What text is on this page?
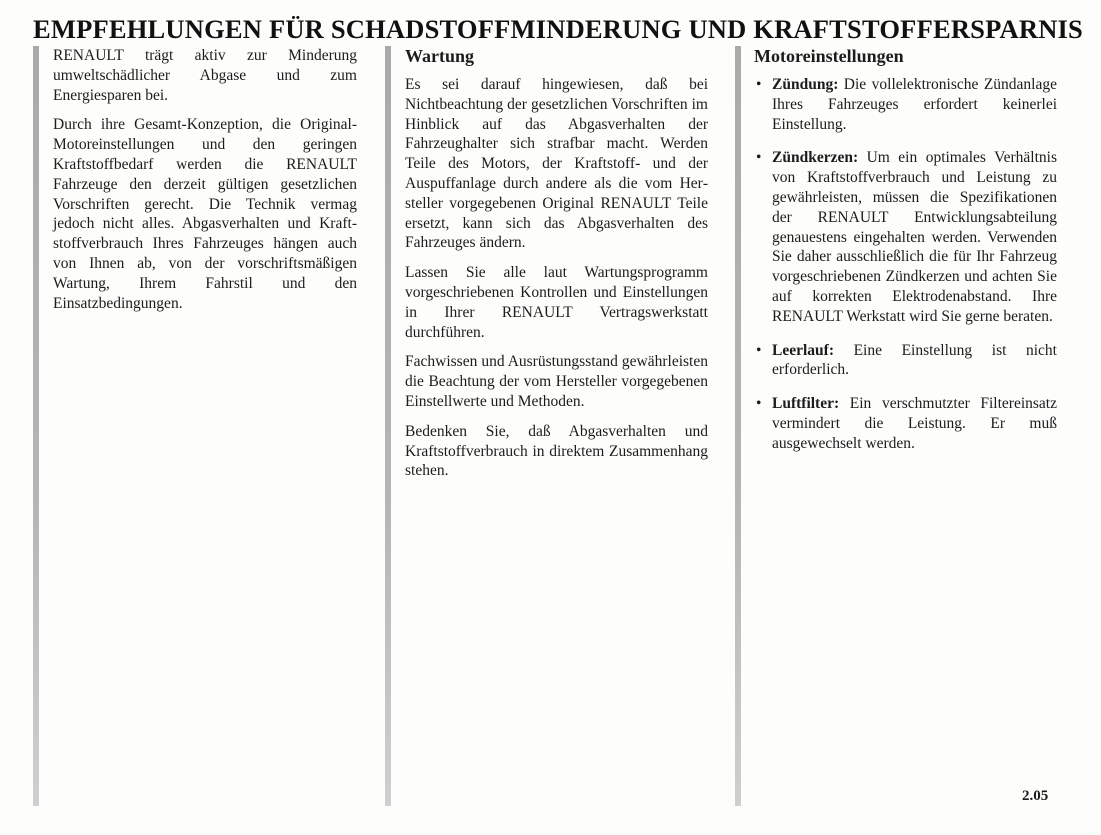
EMPFEHLUNGEN FÜR SCHADSTOFFMINDERUNG UND KRAFTSTOFFERSPARNIS

RENAULT trägt aktiv zur Minderung umweltschädlicher Abgase und zum Energiesparen bei.

Durch ihre Gesamt-Konzeption, die Original-Motoreinstellungen und den geringen Kraftstoffbedarf werden die RENAULT Fahrzeuge den derzeit gültigen gesetzlichen Vorschriften gerecht. Die Technik vermag jedoch nicht alles. Abgasverhalten und Kraftstoffverbrauch Ihres Fahrzeuges hängen auch von Ihnen ab, von der vorschriftsmäßigen Wartung, Ihrem Fahrstil und den Einsatzbedingungen.

Wartung

Es sei darauf hingewiesen, daß bei Nichtbeachtung der gesetzlichen Vorschriften im Hinblick auf das Abgasverhalten der Fahrzeughalter sich strafbar macht. Werden Teile des Motors, der Kraftstoff- und der Auspuffanlage durch andere als die vom Hersteller vorgegebenen Original RENAULT Teile ersetzt, kann sich das Abgasverhalten des Fahrzeuges ändern.

Lassen Sie alle laut Wartungsprogramm vorgeschriebenen Kontrollen und Einstellungen in Ihrer RENAULT Vertragswerkstatt durchführen.

Fachwissen und Ausrüstungsstand gewährleisten die Beachtung der vom Hersteller vorgegebenen Einstellwerte und Methoden.

Bedenken Sie, daß Abgasverhalten und Kraftstoffverbrauch in direktem Zusammenhang stehen.

Motoreinstellungen
• Zündung: Die vollelektronische Zündanlage Ihres Fahrzeuges erfordert keinerlei Einstellung.
• Zündkerzen: Um ein optimales Verhältnis von Kraftstoffverbrauch und Leistung zu gewährleisten, müssen die Spezifikationen der RENAULT Entwicklungsabteilung genauestens eingehalten werden. Verwenden Sie daher ausschließlich die für Ihr Fahrzeug vorgeschriebenen Zündkerzen und achten Sie auf korrekten Elektrodenabstand. Ihre RENAULT Werkstatt wird Sie gerne beraten.
• Leerlauf: Eine Einstellung ist nicht erforderlich.
• Luftfilter: Ein verschmutzter Filtereinsatz vermindert die Leistung. Er muß ausgewechselt werden.
2.05
